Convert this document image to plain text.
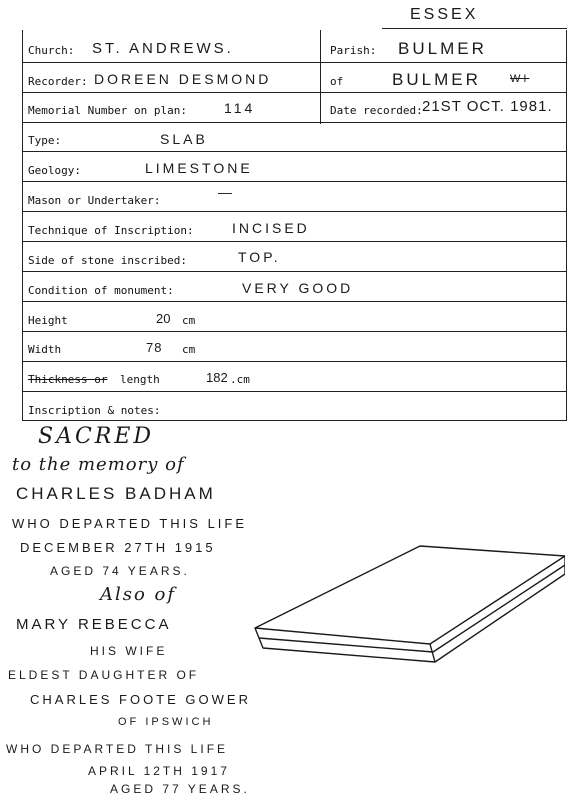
ESSEX
Church: ST. ANDREWS.	Parish: BULMER
Recorder: DOREEN DESMOND	of	BULMER	WI
Memorial Number on plan:	114	Date recorded: 21ST OCT. 1981.
Type:	SLAB
Geology:	LIMESTONE
Mason or Undertaker:
—
Technique of Inscription:	INCISED
Side of stone inscribed:	TOP.
Condition of monument:	VERY GOOD
Height	20 cm
Width	78 cm
Thickness or length	182 .cm
Inscription & notes:
SACRED
to the memory of
CHARLES BADHAM
WHO DEPARTED THIS LIFE
DECEMBER 27TH 1915
AGED 74 YEARS.
Also of
MARY REBECCA
HIS WIFE
ELDEST DAUGHTER OF
CHARLES FOOTE GOWER
OF IPSWICH
WHO DEPARTED THIS LIFE
APRIL 12TH 1917
AGED 77 YEARS.
